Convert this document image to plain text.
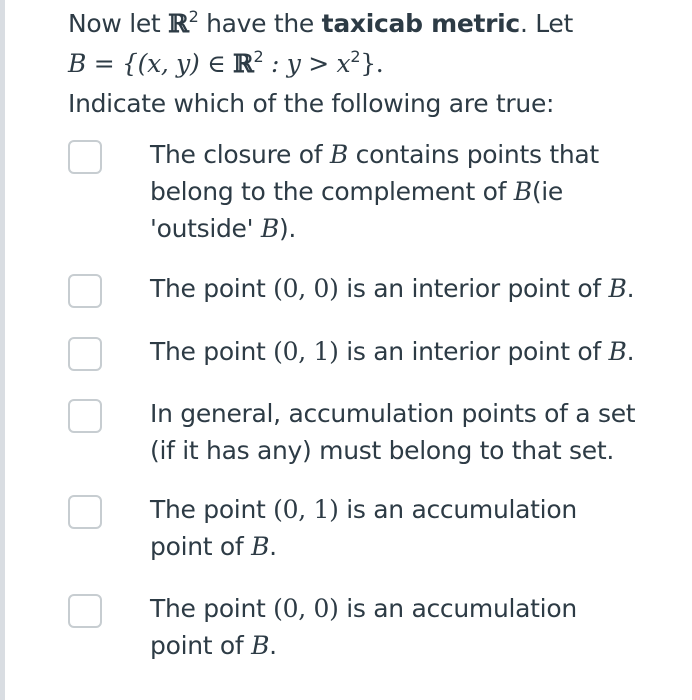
Now let ℝ$^2$ have the taxicab metric. Let

B = {(x, y) ∈ ℝ$^2$ : $y > x^2$}.

Indicate which of the following are true:

The closure of B contains points that
belong to the complement of B(ie
'outside' B).
The point (0, 0) is an interior point of B.
The point (0, 1) is an interior point of B.
In general, accumulation points of a set
(if it has any) must belong to that set.
The point (0, 1) is an accumulation
point of B.
The point (0, 0) is an accumulation
point of B.
